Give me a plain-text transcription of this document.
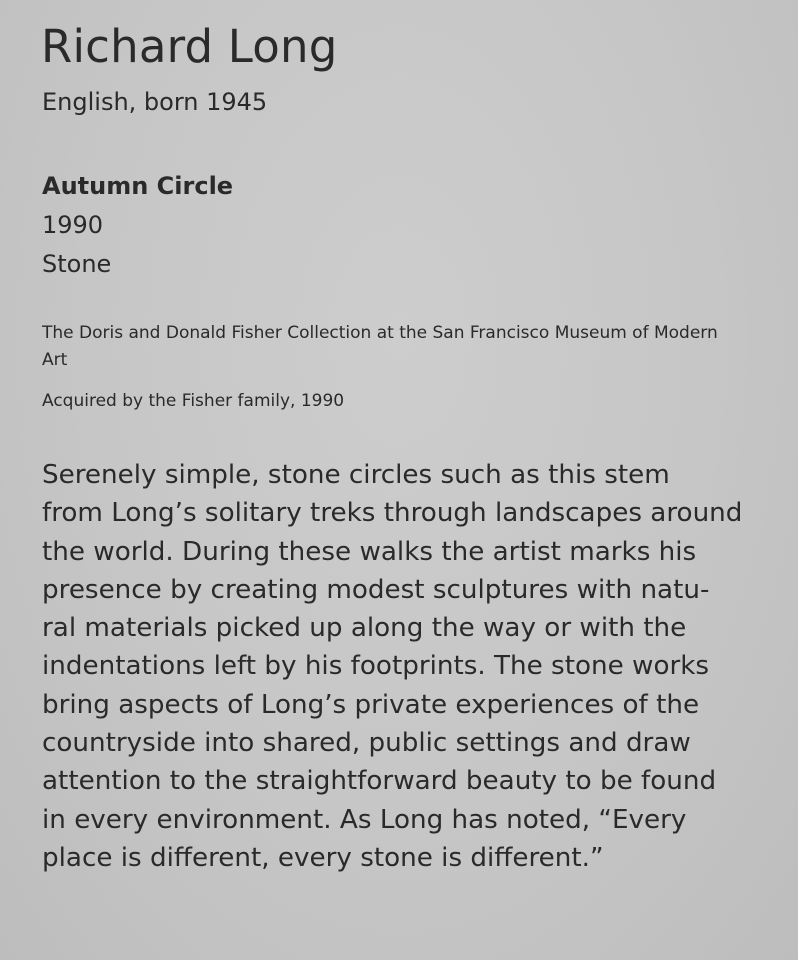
Richard Long

English, born 1945

Autumn Circle

1990

Stone

The Doris and Donald Fisher Collection at the San Francisco Museum of Modern Art

Acquired by the Fisher family, 1990

Serenely simple, stone circles such as this stem
from Long’s solitary treks through landscapes around
the world. During these walks the artist marks his
presence by creating modest sculptures with natu-
ral materials picked up along the way or with the
indentations left by his footprints. The stone works
bring aspects of Long’s private experiences of the
countryside into shared, public settings and draw
attention to the straightforward beauty to be found
in every environment. As Long has noted, “Every
place is different, every stone is different.”
